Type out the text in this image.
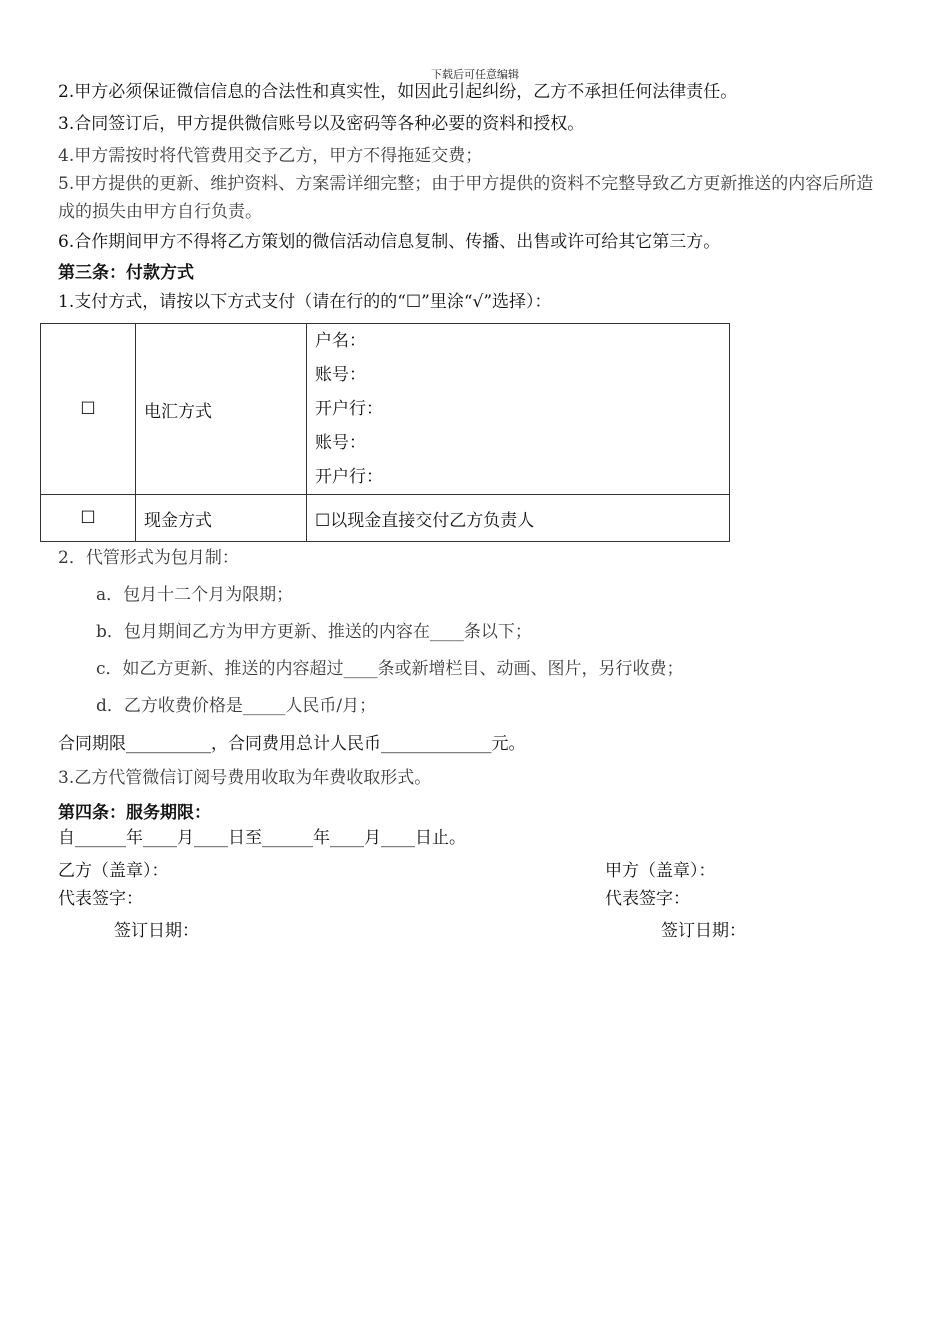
下载后可任意编辑
2.甲方必须保证微信信息的合法性和真实性，如因此引起纠纷，乙方不承担任何法律责任。
3.合同签订后，甲方提供微信账号以及密码等各种必要的资料和授权。
4.甲方需按时将代管费用交予乙方，甲方不得拖延交费；
5.甲方提供的更新、维护资料、方案需详细完整；由于甲方提供的资料不完整导致乙方更新推送的内容后所造成的损失由甲方自行负责。
6.合作期间甲方不得将乙方策划的微信活动信息复制、传播、出售或许可给其它第三方。
第三条：付款方式
1.支付方式，请按以下方式支付（请在行的的“☐”里涂“√”选择）：
☐	电汇方式	户名：
账号：
开户行：
账号：
开户行：

☐	现金方式	☐以现金直接交付乙方负责人
2．代管形式为包月制：
a．包月十二个月为限期；
b．包月期间乙方为甲方更新、推送的内容在____条以下；
c．如乙方更新、推送的内容超过____条或新增栏目、动画、图片，另行收费；
d．乙方收费价格是_____人民币/月；
合同期限__________，合同费用总计人民币_____________元。
3.乙方代管微信订阅号费用收取为年费收取形式。
第四条：服务期限：
自______年____月____日至______年____月____日止。
乙方（盖章）：	甲方（盖章）：
代表签字：	代表签字：
签订日期：	签订日期：
